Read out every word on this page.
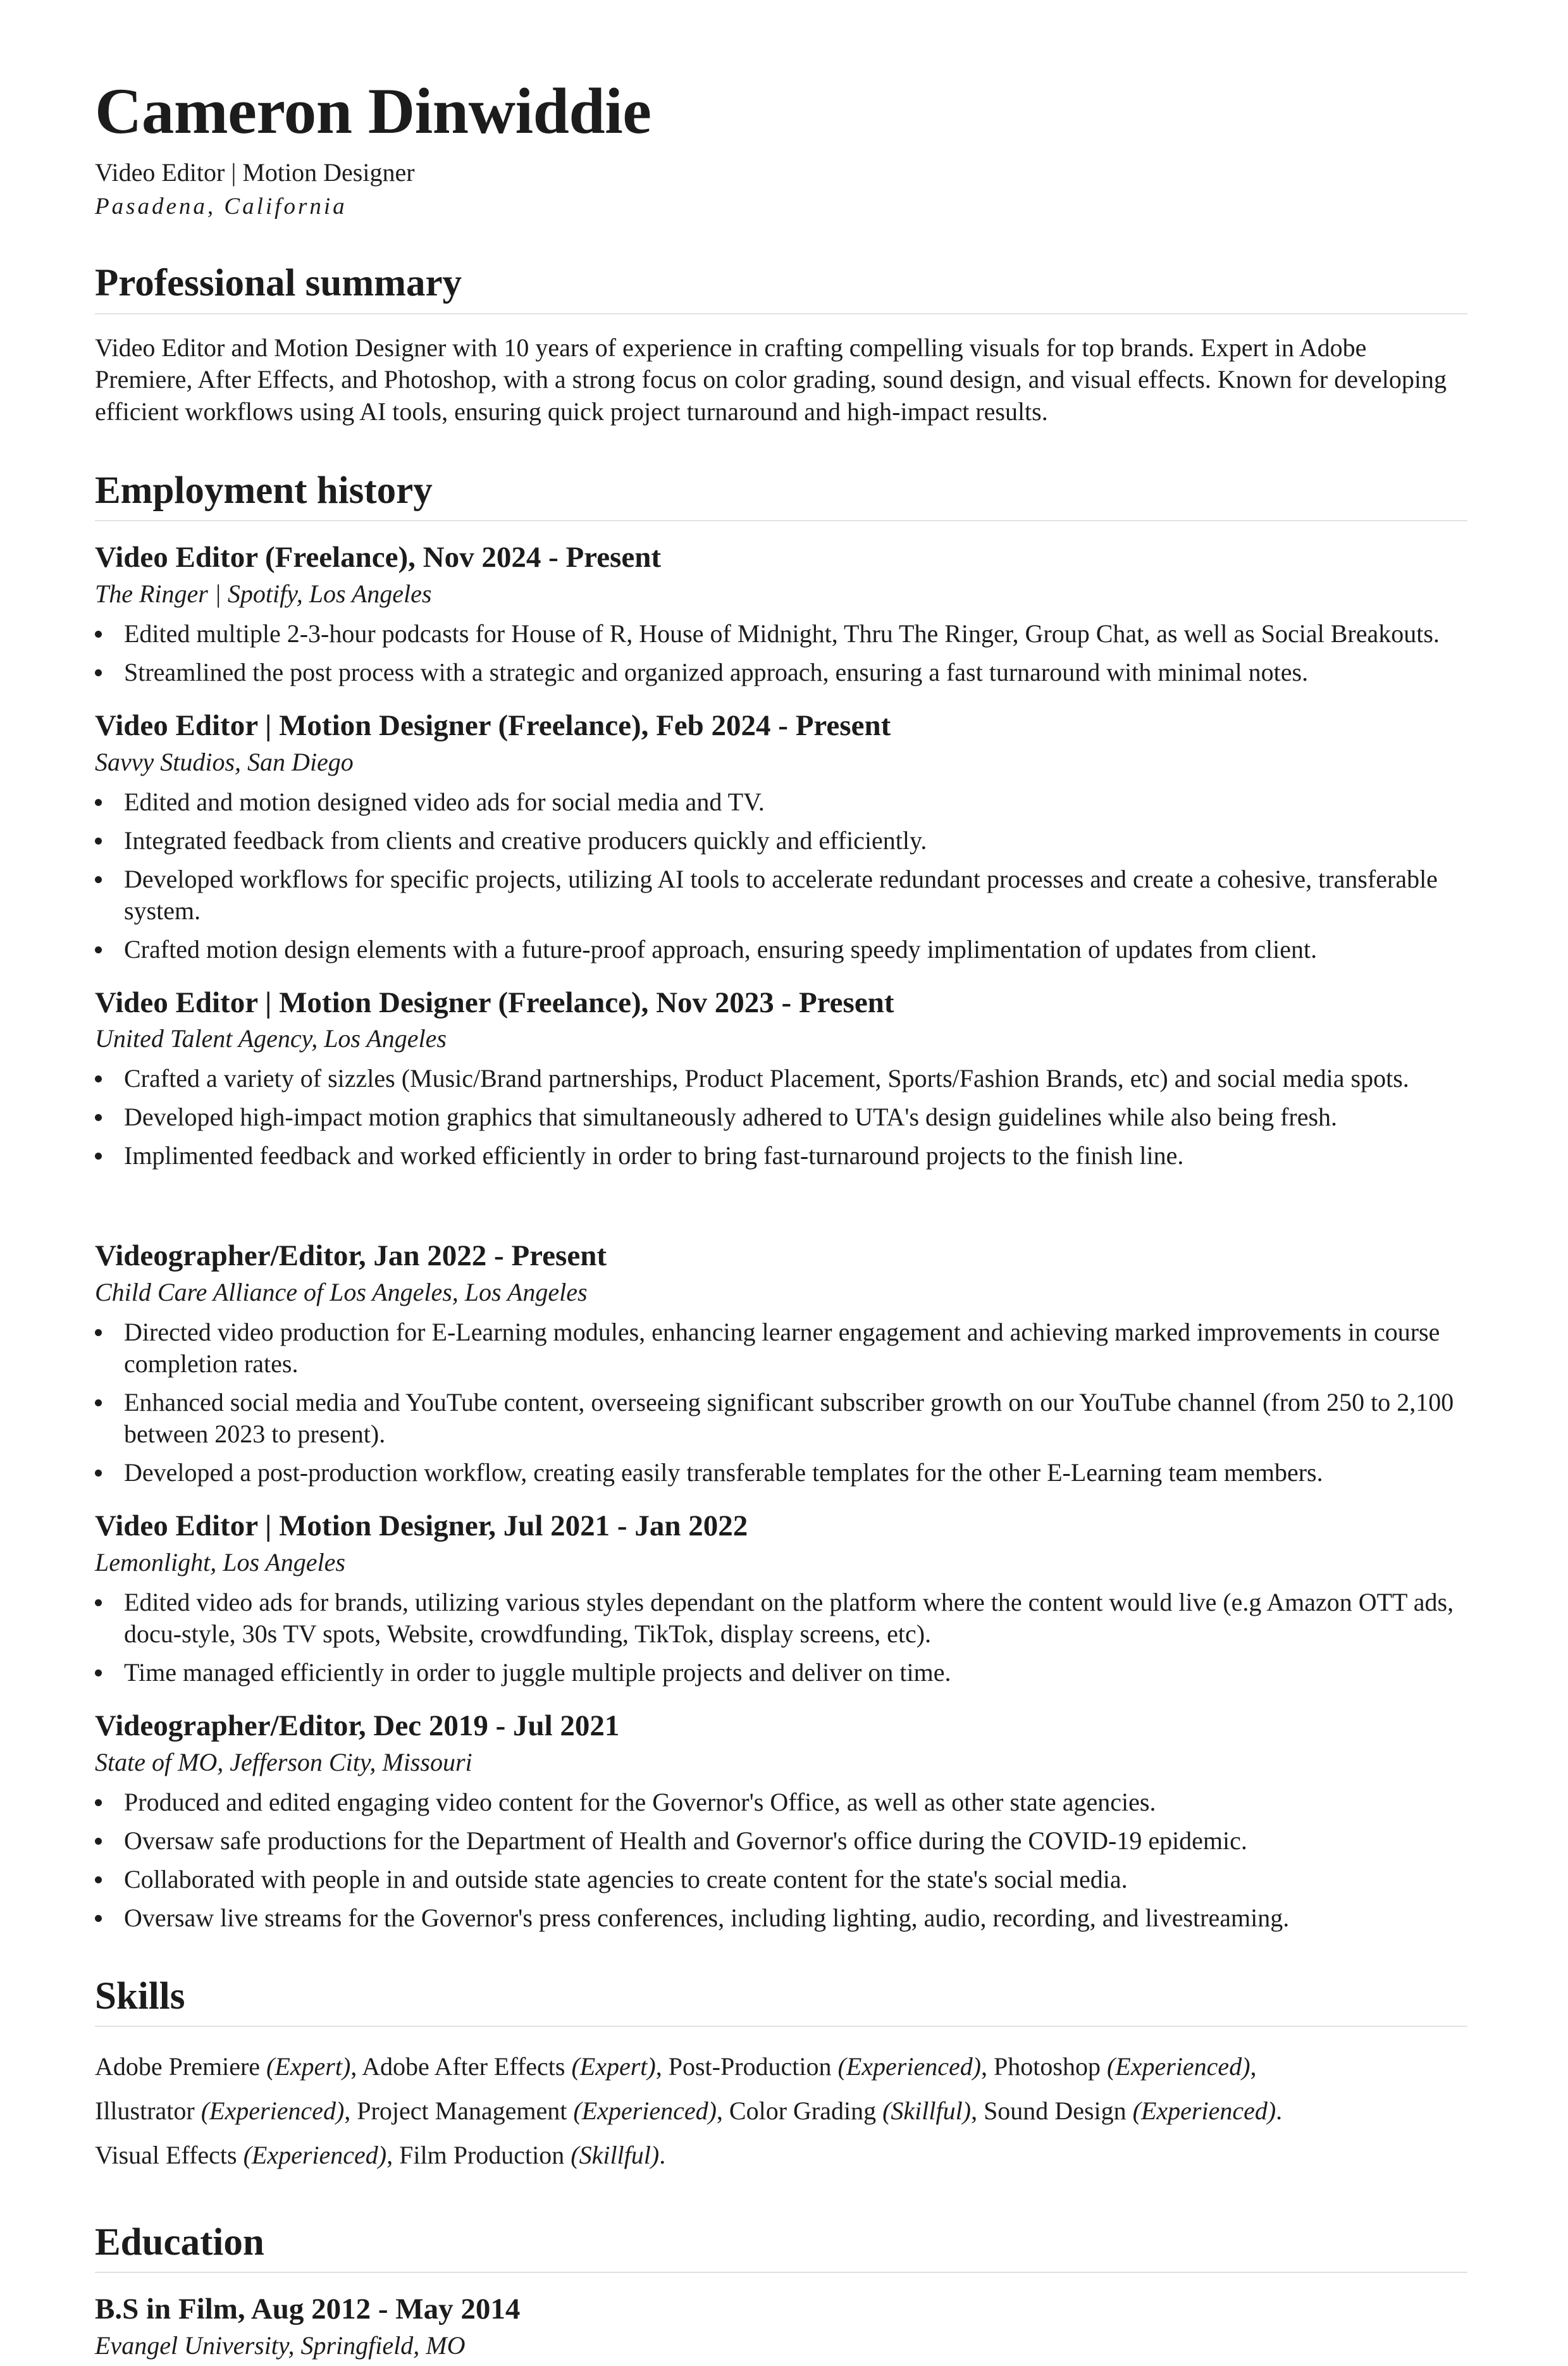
Cameron Dinwiddie
Video Editor | Motion Designer
Pasadena, California
Professional summary

Video Editor and Motion Designer with 10 years of experience in crafting compelling visuals for top brands. Expert in Adobe Premiere, After Effects, and Photoshop, with a strong focus on color grading, sound design, and visual effects. Known for developing efficient workflows using AI tools, ensuring quick project turnaround and high-impact results.

Employment history
Video Editor (Freelance), Nov 2024 - Present
The Ringer | Spotify, Los Angeles
Edited multiple 2-3-hour podcasts for House of R, House of Midnight, Thru The Ringer, Group Chat, as well as Social Breakouts.
Streamlined the post process with a strategic and organized approach, ensuring a fast turnaround with minimal notes.
Video Editor | Motion Designer (Freelance), Feb 2024 - Present
Savvy Studios, San Diego
Edited and motion designed video ads for social media and TV.
Integrated feedback from clients and creative producers quickly and efficiently.
Developed workflows for specific projects, utilizing AI tools to accelerate redundant processes and create a cohesive, transferable system.
Crafted motion design elements with a future-proof approach, ensuring speedy implimentation of updates from client.
Video Editor | Motion Designer (Freelance), Nov 2023 - Present
United Talent Agency, Los Angeles
Crafted a variety of sizzles (Music/Brand partnerships, Product Placement, Sports/Fashion Brands, etc) and social media spots.
Developed high-impact motion graphics that simultaneously adhered to UTA's design guidelines while also being fresh.
Implimented feedback and worked efficiently in order to bring fast-turnaround projects to the finish line.
Videographer/Editor, Jan 2022 - Present
Child Care Alliance of Los Angeles, Los Angeles
Directed video production for E-Learning modules, enhancing learner engagement and achieving marked improvements in course completion rates.
Enhanced social media and YouTube content, overseeing significant subscriber growth on our YouTube channel (from 250 to 2,100 between 2023 to present).
Developed a post-production workflow, creating easily transferable templates for the other E-Learning team members.
Video Editor | Motion Designer, Jul 2021 - Jan 2022
Lemonlight, Los Angeles
Edited video ads for brands, utilizing various styles dependant on the platform where the content would live (e.g Amazon OTT ads, docu-style, 30s TV spots, Website, crowdfunding, TikTok, display screens, etc).
Time managed efficiently in order to juggle multiple projects and deliver on time.
Videographer/Editor, Dec 2019 - Jul 2021
State of MO, Jefferson City, Missouri
Produced and edited engaging video content for the Governor's Office, as well as other state agencies.
Oversaw safe productions for the Department of Health and Governor's office during the COVID-19 epidemic.
Collaborated with people in and outside state agencies to create content for the state's social media.
Oversaw live streams for the Governor's press conferences, including lighting, audio, recording, and livestreaming.
Skills
Adobe Premiere (Expert), Adobe After Effects (Expert), Post-Production (Experienced), Photoshop (Experienced),
Illustrator (Experienced), Project Management (Experienced), Color Grading (Skillful), Sound Design (Experienced).
Visual Effects (Experienced), Film Production (Skillful).
Education
B.S in Film, Aug 2012 - May 2014
Evangel University, Springfield, MO
